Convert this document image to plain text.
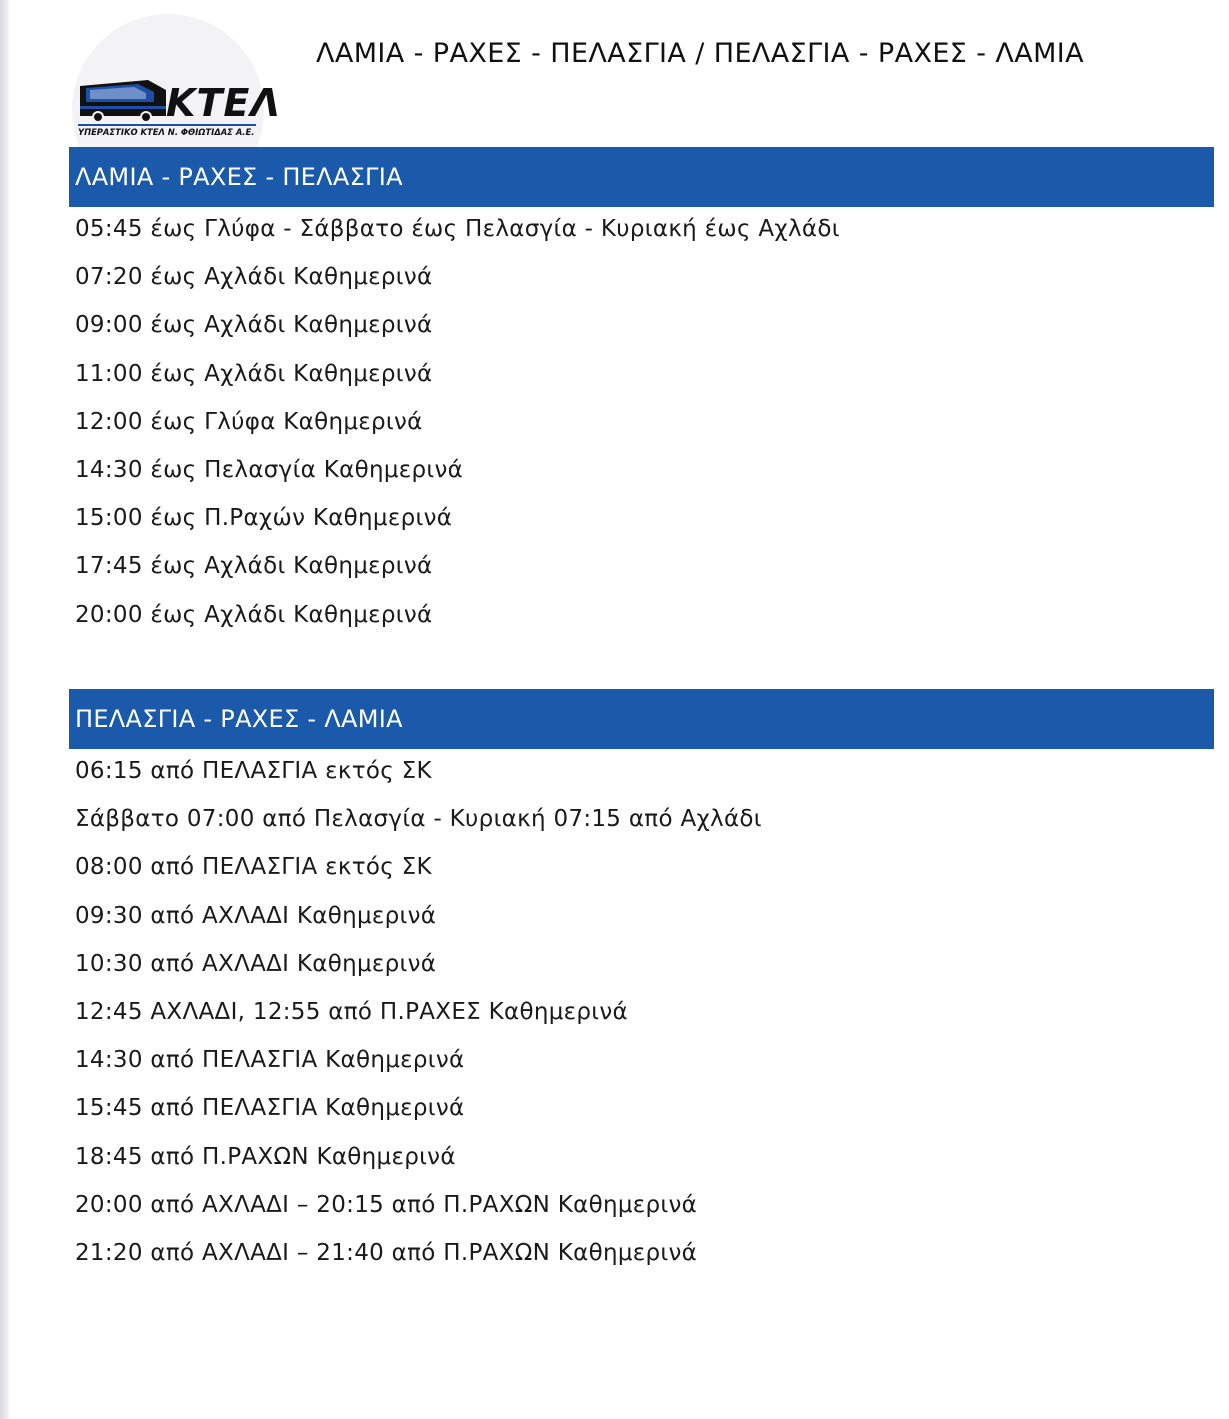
ΚΤΕΛ
ΥΠΕΡΑΣΤΙΚΟ ΚΤΕΛ Ν. ΦΘΙΩΤΙΔΑΣ Α.Ε.
ΛΑΜΙΑ - ΡΑΧΕΣ - ΠΕΛΑΣΓΙΑ / ΠΕΛΑΣΓΙΑ - ΡΑΧΕΣ - ΛΑΜΙΑ
ΛΑΜΙΑ - ΡΑΧΕΣ - ΠΕΛΑΣΓΙΑ
05:45 έως Γλύφα - Σάββατο έως Πελασγία - Κυριακή έως Αχλάδι
07:20 έως Αχλάδι Καθημερινά
09:00 έως Αχλάδι Καθημερινά
11:00 έως Αχλάδι Καθημερινά
12:00 έως Γλύφα Καθημερινά
14:30 έως Πελασγία Καθημερινά
15:00 έως Π.Ραχών Καθημερινά
17:45 έως Αχλάδι Καθημερινά
20:00 έως Αχλάδι Καθημερινά
ΠΕΛΑΣΓΙΑ - ΡΑΧΕΣ - ΛΑΜΙΑ
06:15 από ΠΕΛΑΣΓΙΑ εκτός ΣΚ
Σάββατο 07:00 από Πελασγία - Κυριακή 07:15 από Αχλάδι
08:00 από ΠΕΛΑΣΓΙΑ εκτός ΣΚ
09:30 από ΑΧΛΑΔΙ Καθημερινά
10:30 από ΑΧΛΑΔΙ Καθημερινά
12:45 ΑΧΛΑΔΙ, 12:55 από Π.ΡΑΧΕΣ Καθημερινά
14:30 από ΠΕΛΑΣΓΙΑ Καθημερινά
15:45 από ΠΕΛΑΣΓΙΑ Καθημερινά
18:45 από Π.ΡΑΧΩΝ Καθημερινά
20:00 από ΑΧΛΑΔΙ – 20:15 από Π.ΡΑΧΩΝ Καθημερινά
21:20 από ΑΧΛΑΔΙ – 21:40 από Π.ΡΑΧΩΝ Καθημερινά
